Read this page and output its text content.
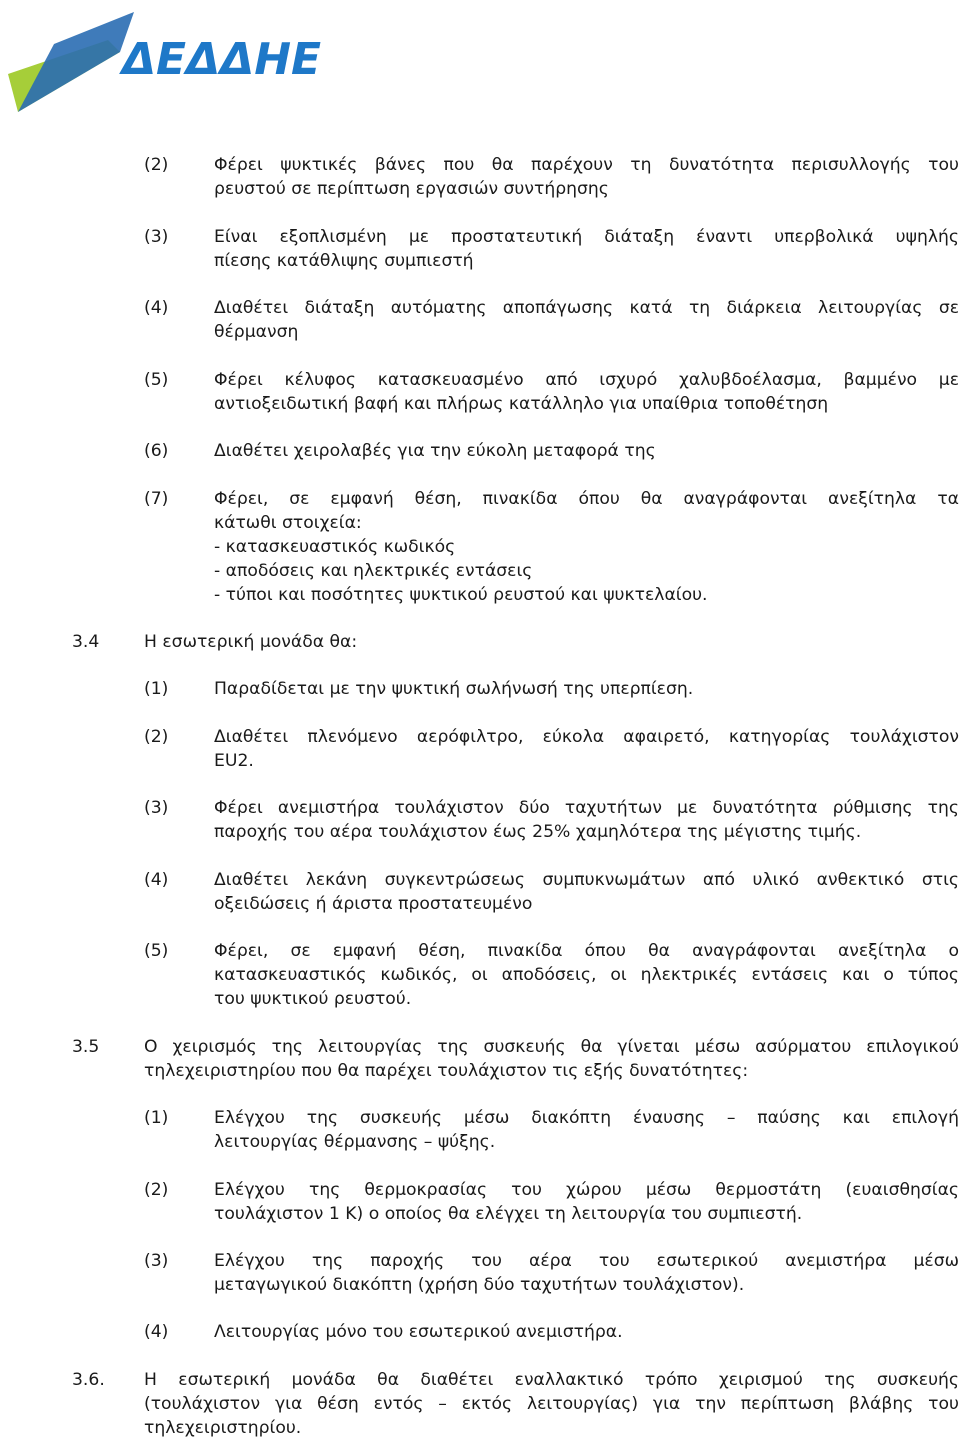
ΔΕΔΔΗΕ
(2)	Φέρει ψυκτικές βάνες που θα παρέχουν τη δυνατότητα περισυλλογής του
ρευστού σε περίπτωση εργασιών συντήρησης
(3)	Είναι εξοπλισμένη με προστατευτική διάταξη έναντι υπερβολικά υψηλής
πίεσης κατάθλιψης συμπιεστή
(4)	Διαθέτει διάταξη αυτόματης αποπάγωσης κατά τη διάρκεια λειτουργίας σε
θέρμανση
(5)	Φέρει κέλυφος κατασκευασμένο από ισχυρό χαλυβδοέλασμα, βαμμένο με
αντιοξειδωτική βαφή και πλήρως κατάλληλο για υπαίθρια τοποθέτηση
(6)	Διαθέτει χειρολαβές για την εύκολη μεταφορά της
(7)	Φέρει, σε εμφανή θέση, πινακίδα όπου θα αναγράφονται ανεξίτηλα τα
κάτωθι στοιχεία:
- κατασκευαστικός κωδικός
- αποδόσεις και ηλεκτρικές εντάσεις
- τύποι και ποσότητες ψυκτικού ρευστού και ψυκτελαίου.
3.4	Η εσωτερική μονάδα θα:
(1)	Παραδίδεται με την ψυκτική σωλήνωσή της υπερπίεση.
(2)	Διαθέτει πλενόμενο αερόφιλτρο, εύκολα αφαιρετό, κατηγορίας τουλάχιστον
EU2.
(3)	Φέρει ανεμιστήρα τουλάχιστον δύο ταχυτήτων με δυνατότητα ρύθμισης της
παροχής του αέρα τουλάχιστον έως 25% χαμηλότερα της μέγιστης τιμής.
(4)	Διαθέτει λεκάνη συγκεντρώσεως συμπυκνωμάτων από υλικό ανθεκτικό στις
οξειδώσεις ή άριστα προστατευμένο
(5)	Φέρει, σε εμφανή θέση, πινακίδα όπου θα αναγράφονται ανεξίτηλα ο
κατασκευαστικός κωδικός, οι αποδόσεις, οι ηλεκτρικές εντάσεις και ο τύπος
του ψυκτικού ρευστού.
3.5	Ο χειρισμός της λειτουργίας της συσκευής θα γίνεται μέσω ασύρματου επιλογικού
τηλεχειριστηρίου που θα παρέχει τουλάχιστον τις εξής δυνατότητες:
(1)	Ελέγχου της συσκευής μέσω διακόπτη έναυσης – παύσης και επιλογή
λειτουργίας θέρμανσης – ψύξης.
(2)	Ελέγχου της θερμοκρασίας του χώρου μέσω θερμοστάτη (ευαισθησίας
τουλάχιστον 1 K) ο οποίος θα ελέγχει τη λειτουργία του συμπιεστή.
(3)	Ελέγχου της παροχής του αέρα του εσωτερικού ανεμιστήρα μέσω
μεταγωγικού διακόπτη (χρήση δύο ταχυτήτων τουλάχιστον).
(4)	Λειτουργίας μόνο του εσωτερικού ανεμιστήρα.
3.6. Η εσωτερική μονάδα θα διαθέτει εναλλακτικό τρόπο χειρισμού της συσκευής
(τουλάχιστον για θέση εντός – εκτός λειτουργίας) για την περίπτωση βλάβης του
τηλεχειριστηρίου.
